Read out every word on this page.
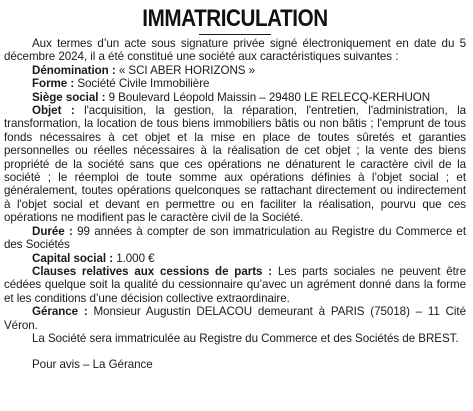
IMMATRICULATION

Aux termes d’un acte sous signature privée signé électroniquement en date du 5 décembre 2024, il a été constitué une société aux caractéristiques suivantes :

Dénomination : « SCI ABER HORIZONS »

Forme : Société Civile Immobilière

Siège social : 9 Boulevard Léopold Maissin – 29480 LE RELECQ-KERHUON

Objet : l'acquisition, la gestion, la réparation, l'entretien, l'administration, la transformation, la location de tous biens immobiliers bâtis ou non bâtis ; l'emprunt de tous fonds nécessaires à cet objet et la mise en place de toutes sûretés et garanties personnelles ou réelles nécessaires à la réalisation de cet objet ; la vente des biens propriété de la société sans que ces opérations ne dénaturent le caractère civil de la société ; le réemploi de toute somme aux opérations définies à l’objet social ; et généralement, toutes opérations quelconques se rattachant directement ou indirectement à l'objet social et devant en permettre ou en faciliter la réalisation, pourvu que ces opérations ne modifient pas le caractère civil de la Société.

Durée : 99 années à compter de son immatriculation au Registre du Commerce et des Sociétés

Capital social : 1.000 €

Clauses relatives aux cessions de parts : Les parts sociales ne peuvent être cédées quelque soit la qualité du cessionnaire qu’avec un agrément donné dans la forme et les conditions d’une décision collective extraordinaire.

Gérance : Monsieur Augustin DELACOU demeurant à PARIS (75018) – 11 Cité Véron.

La Société sera immatriculée au Registre du Commerce et des Sociétés de BREST.

Pour avis – La Gérance
